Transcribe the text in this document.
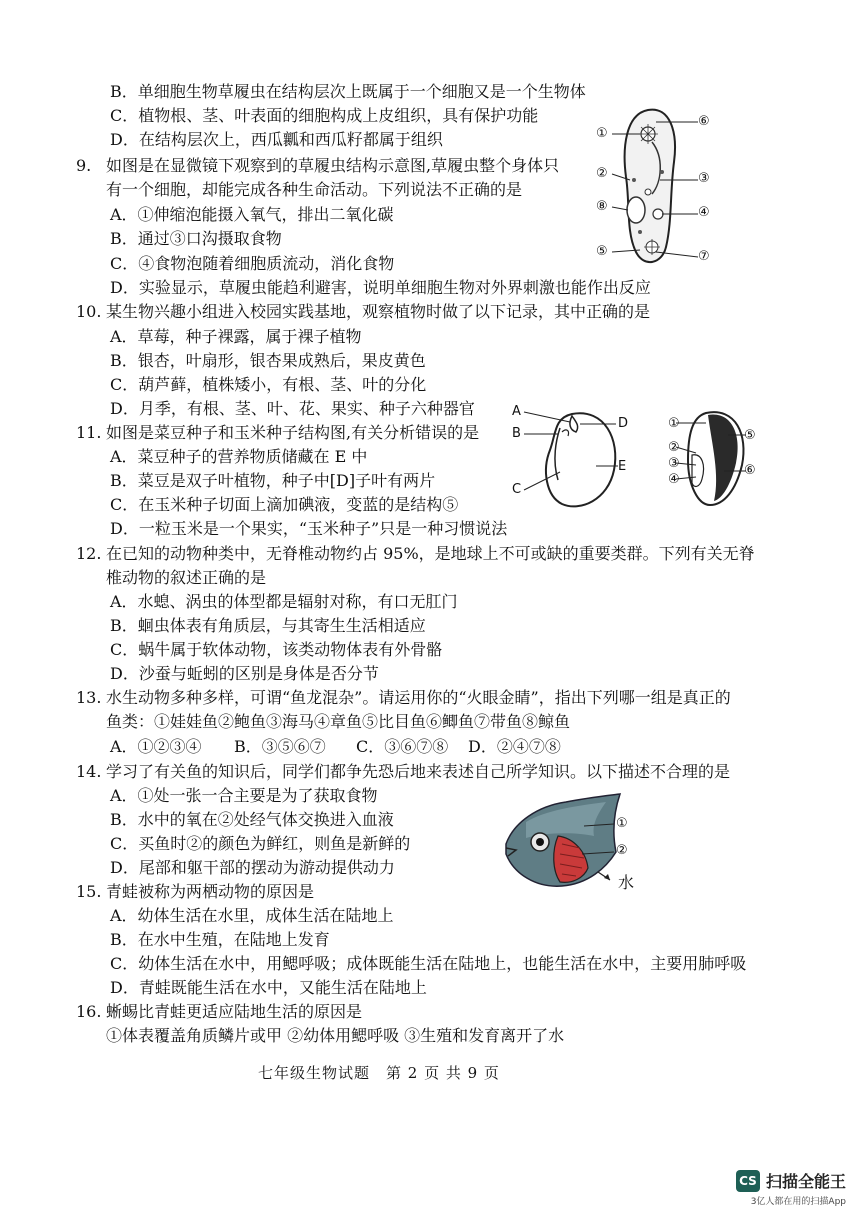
B．单细胞生物草履虫在结构层次上既属于一个细胞又是一个生物体
C．植物根、茎、叶表面的细胞构成上皮组织，具有保护功能
D．在结构层次上，西瓜瓤和西瓜籽都属于组织
9. 如图是在显微镜下观察到的草履虫结构示意图,草履虫整个身体只
有一个细胞，却能完成各种生命活动。下列说法不正确的是
A．①伸缩泡能摄入氧气，排出二氧化碳
B．通过③口沟摄取食物
C．④食物泡随着细胞质流动，消化食物
D．实验显示，草履虫能趋利避害，说明单细胞生物对外界刺激也能作出反应
①
②	③
④
⑤
⑥
⑦
⑧
10. 某生物兴趣小组进入校园实践基地，观察植物时做了以下记录，其中正确的是
A．草莓，种子裸露，属于裸子植物
B．银杏，叶扇形，银杏果成熟后，果皮黄色
C．葫芦藓，植株矮小，有根、茎、叶的分化
D．月季，有根、茎、叶、花、果实、种子六种器官
11. 如图是菜豆种子和玉米种子结构图,有关分析错误的是
A．菜豆种子的营养物质储藏在 E 中
B．菜豆是双子叶植物，种子中[D]子叶有两片
C．在玉米种子切面上滴加碘液，变蓝的是结构⑤
D．一粒玉米是一个果实，“玉米种子”只是一种习惯说法
A
B
C
D
E
①
②
③
④
⑤
⑥
12. 在已知的动物种类中，无脊椎动物约占 95%，是地球上不可或缺的重要类群。下列有关无脊
椎动物的叙述正确的是
A．水螅、涡虫的体型都是辐射对称，有口无肛门
B．蛔虫体表有角质层，与其寄生生活相适应
C．蜗牛属于软体动物，该类动物体表有外骨骼
D．沙蚕与蚯蚓的区别是身体是否分节
13. 水生动物多种多样，可谓“鱼龙混杂”。请运用你的“火眼金睛”，指出下列哪一组是真正的
鱼类：①娃娃鱼②鲍鱼③海马④章鱼⑤比目鱼⑥鲫鱼⑦带鱼⑧鲸鱼
A．①②③④ B．③⑤⑥⑦ C．③⑥⑦⑧ D．②④⑦⑧
14. 学习了有关鱼的知识后，同学们都争先恐后地来表述自己所学知识。以下描述不合理的是
A．①处一张一合主要是为了获取食物
B．水中的氧在②处经气体交换进入血液
C．买鱼时②的颜色为鲜红，则鱼是新鲜的
D．尾部和躯干部的摆动为游动提供动力
①
②
水
15. 青蛙被称为两栖动物的原因是
A．幼体生活在水里，成体生活在陆地上
B．在水中生殖，在陆地上发育
C．幼体生活在水中，用鳃呼吸；成体既能生活在陆地上，也能生活在水中，主要用肺呼吸
D．青蛙既能生活在水中，又能生活在陆地上
16. 蜥蜴比青蛙更适应陆地生活的原因是
①体表覆盖角质鳞片或甲 ②幼体用鳃呼吸 ③生殖和发育离开了水
七年级生物试题　第 2 页 共 9 页
CS 扫描全能王
3亿人都在用的扫描App
